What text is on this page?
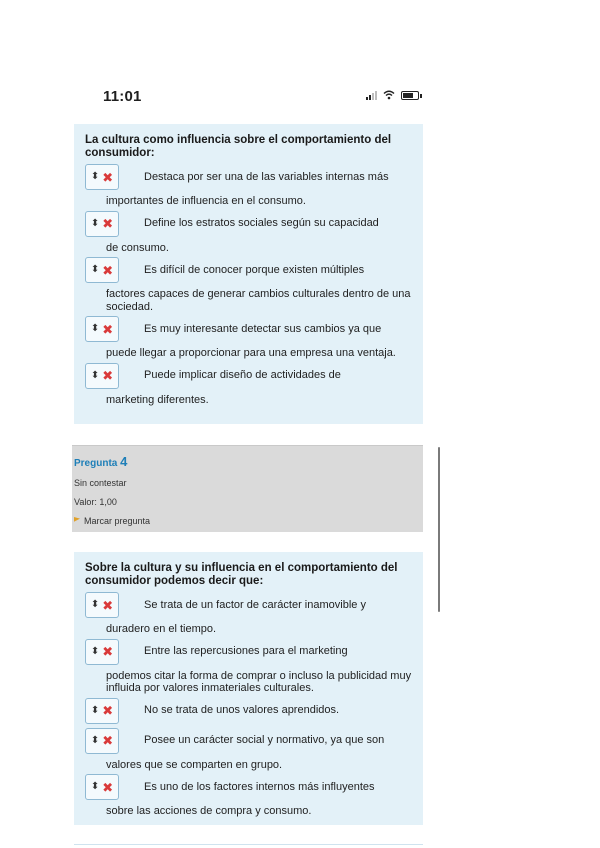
11:01
La cultura como influencia sobre el comportamiento del consumidor:
⬍ ✖	Destaca por ser una de las variables internas más
importantes de influencia en el consumo.
⬍ ✖	Define los estratos sociales según su capacidad
de consumo.
⬍ ✖	Es difícil de conocer porque existen múltiples
factores capaces de generar cambios culturales dentro de una sociedad.
⬍ ✖	Es muy interesante detectar sus cambios ya que
puede llegar a proporcionar para una empresa una ventaja.
⬍ ✖	Puede implicar diseño de actividades de
marketing diferentes.
Pregunta 4
Sin contestar
Valor: 1,00
Marcar pregunta
Sobre la cultura y su influencia en el comportamiento del consumidor podemos decir que:
⬍ ✖	Se trata de un factor de carácter inamovible y
duradero en el tiempo.
⬍ ✖	Entre las repercusiones para el marketing
podemos citar la forma de comprar o incluso la publicidad muy influida por valores inmateriales culturales.
⬍ ✖	No se trata de unos valores aprendidos.
⬍ ✖	Posee un carácter social y normativo, ya que son
valores que se comparten en grupo.
⬍ ✖	Es uno de los factores internos más influyentes
sobre las acciones de compra y consumo.
